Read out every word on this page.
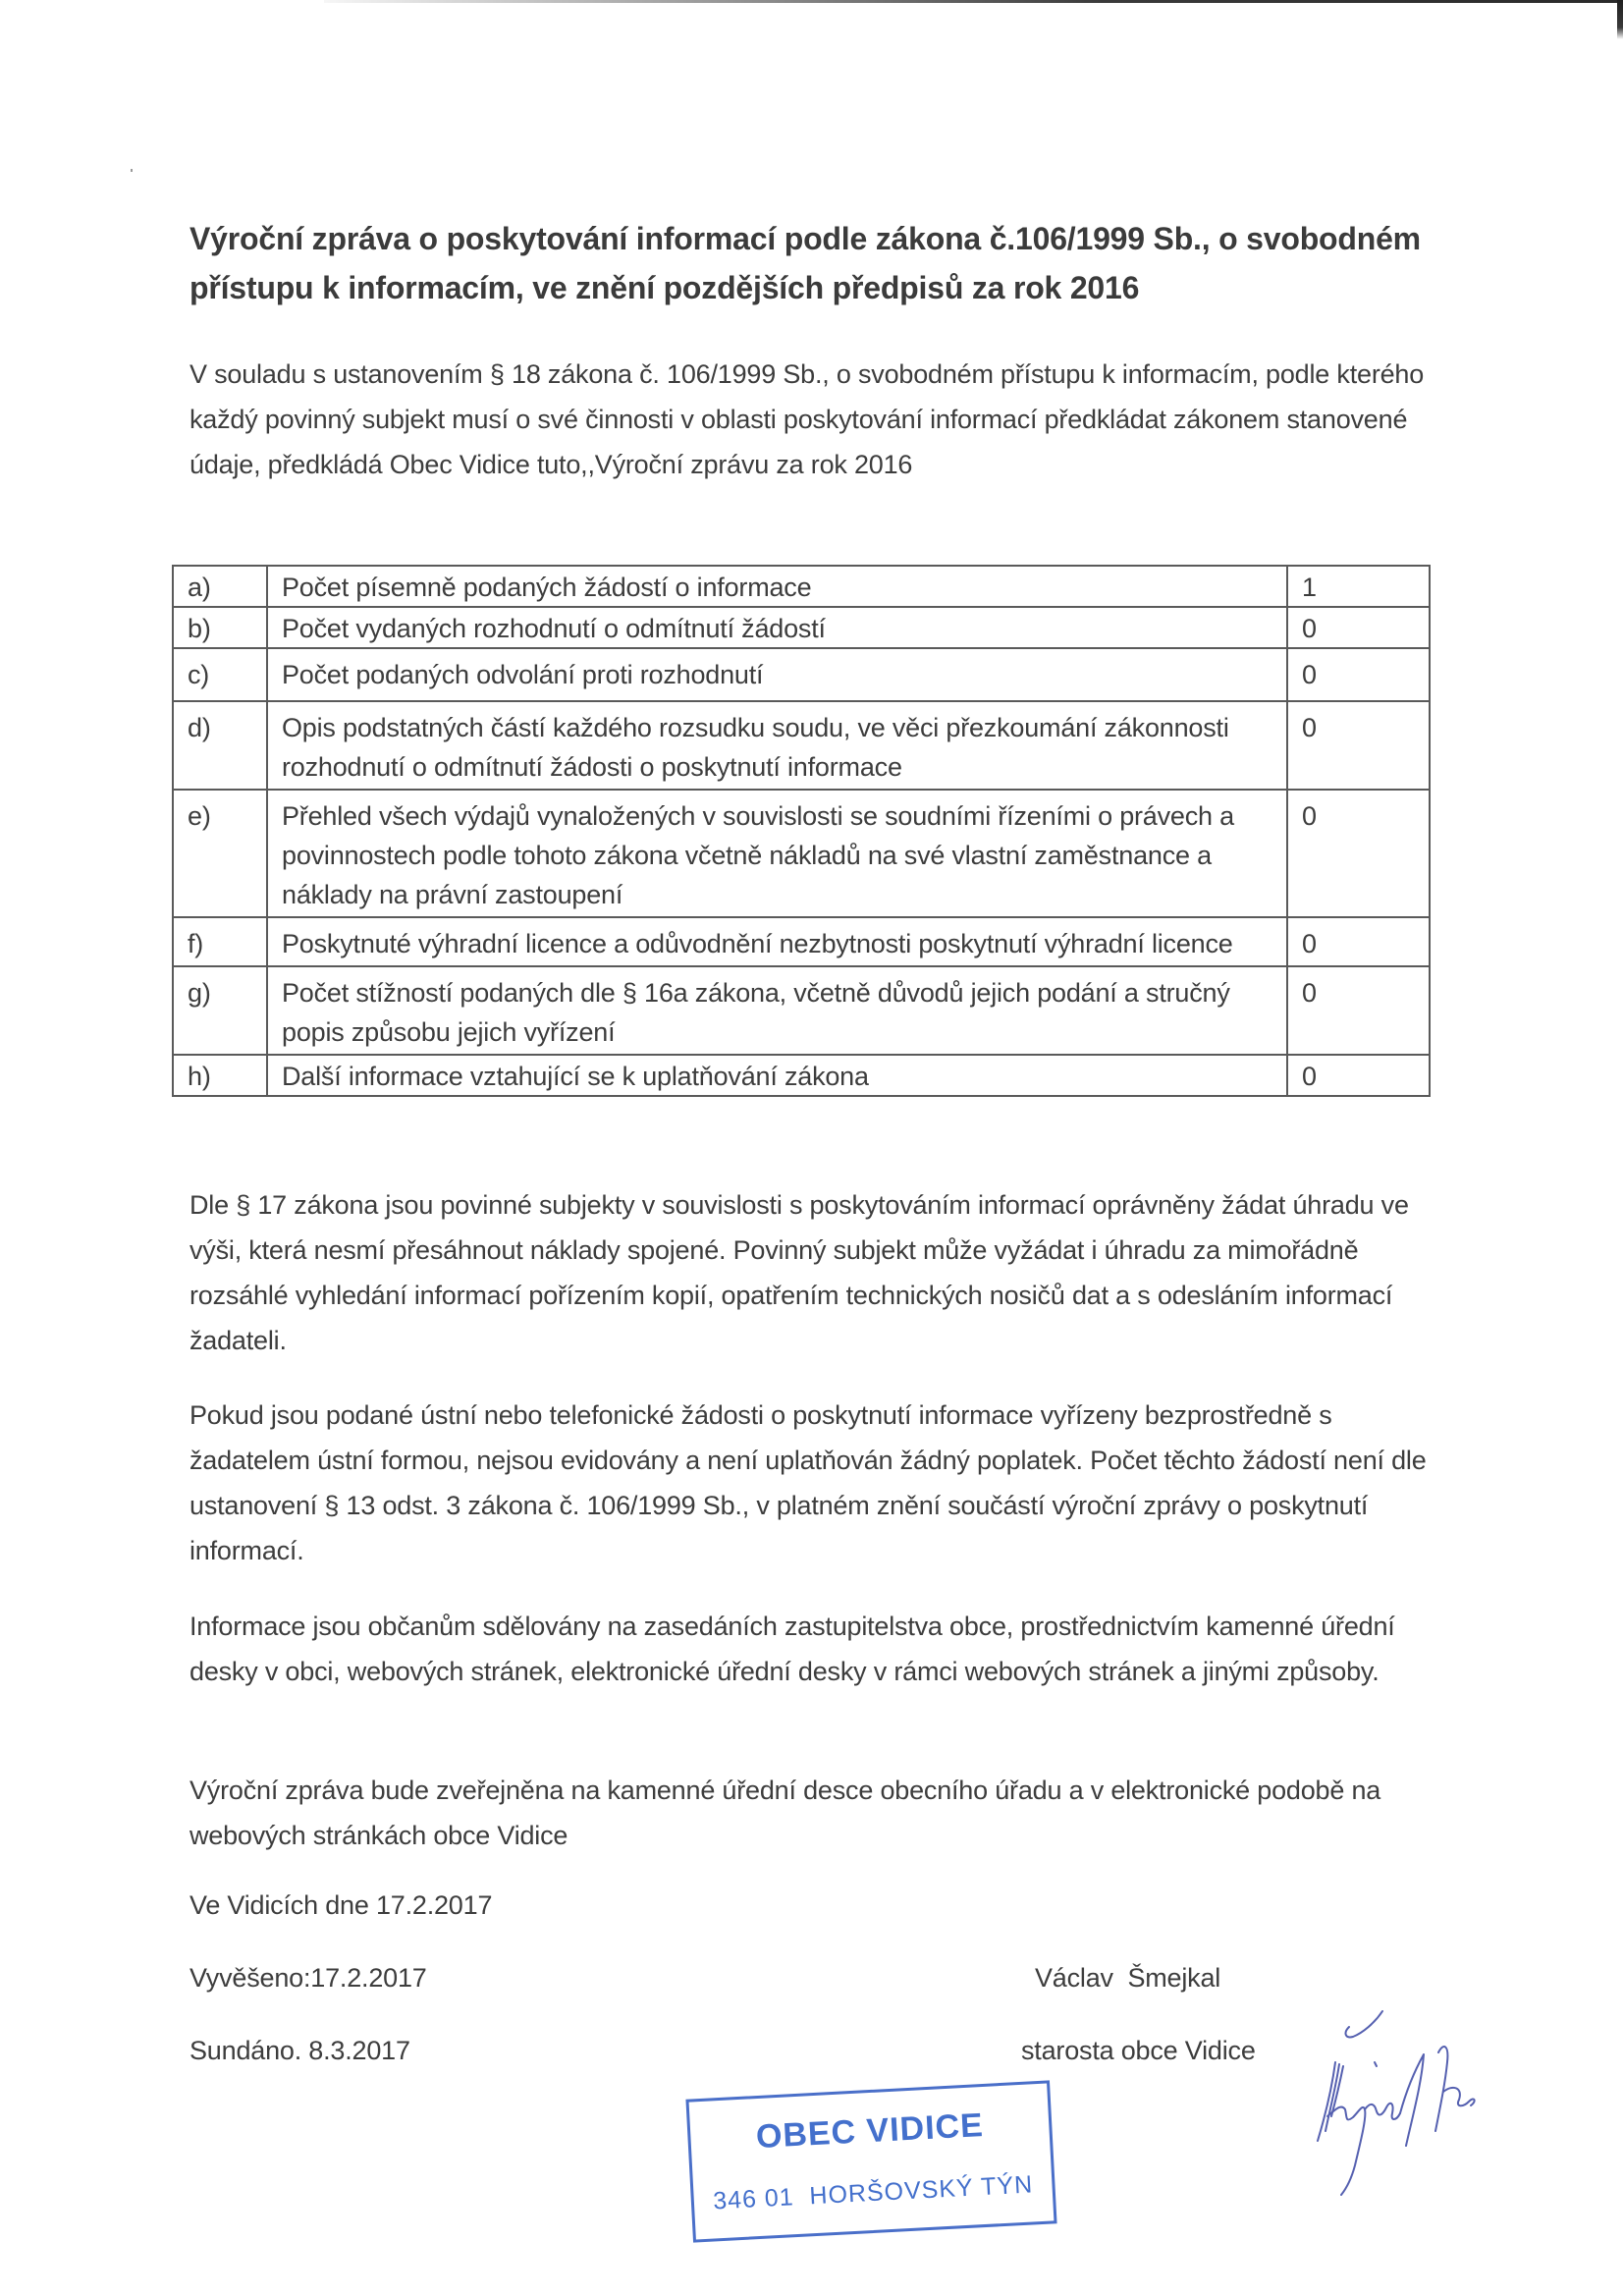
Výroční zpráva o poskytování informací podle zákona č.106/1999 Sb., o svobodném přístupu k informacím, ve znění pozdějších předpisů za rok 2016

V souladu s ustanovením § 18 zákona č. 106/1999 Sb., o svobodném přístupu k informacím, podle kterého každý povinný subjekt musí o své činnosti v oblasti poskytování informací předkládat zákonem stanovené údaje, předkládá Obec Vidice tuto,,Výroční zprávu za rok 2016

a)	Počet písemně podaných žádostí o informace	1
b)	Počet vydaných rozhodnutí o odmítnutí žádostí	0
c)	Počet podaných odvolání proti rozhodnutí	0
d)	Opis podstatných částí každého rozsudku soudu, ve věci přezkoumání zákonnosti rozhodnutí o odmítnutí žádosti o poskytnutí informace	0
e)	Přehled všech výdajů vynaložených v souvislosti se soudními řízeními o právech a povinnostech podle tohoto zákona včetně nákladů na své vlastní zaměstnance a náklady na právní zastoupení	0
f)	Poskytnuté výhradní licence a odůvodnění nezbytnosti poskytnutí výhradní licence	0
g)	Počet stížností podaných dle § 16a zákona, včetně důvodů jejich podání a stručný popis způsobu jejich vyřízení	0
h)	Další informace vztahující se k uplatňování zákona	0

Dle § 17 zákona jsou povinné subjekty v souvislosti s poskytováním informací oprávněny žádat úhradu ve výši, která nesmí přesáhnout náklady spojené. Povinný subjekt může vyžádat i úhradu za mimořádně rozsáhlé vyhledání informací pořízením kopií, opatřením technických nosičů dat a s odesláním informací žadateli.

Pokud jsou podané ústní nebo telefonické žádosti o poskytnutí informace vyřízeny bezprostředně s žadatelem ústní formou, nejsou evidovány a není uplatňován žádný poplatek. Počet těchto žádostí není dle ustanovení § 13 odst. 3 zákona č. 106/1999 Sb., v platném znění součástí výroční zprávy o poskytnutí informací.

Informace jsou občanům sdělovány na zasedáních zastupitelstva obce, prostřednictvím kamenné úřední desky v obci, webových stránek, elektronické úřední desky v rámci webových stránek a jinými způsoby.

Výroční zpráva bude zveřejněna na kamenné úřední desce obecního úřadu a v elektronické podobě na webových stránkách obce Vidice

Ve Vidicích dne 17.2.2017
Vyvěšeno:17.2.2017
Sundáno. 8.3.2017
Václav  Šmejkal
starosta obce Vidice
OBEC VIDICE
346 01  HORŠOVSKÝ TÝN
